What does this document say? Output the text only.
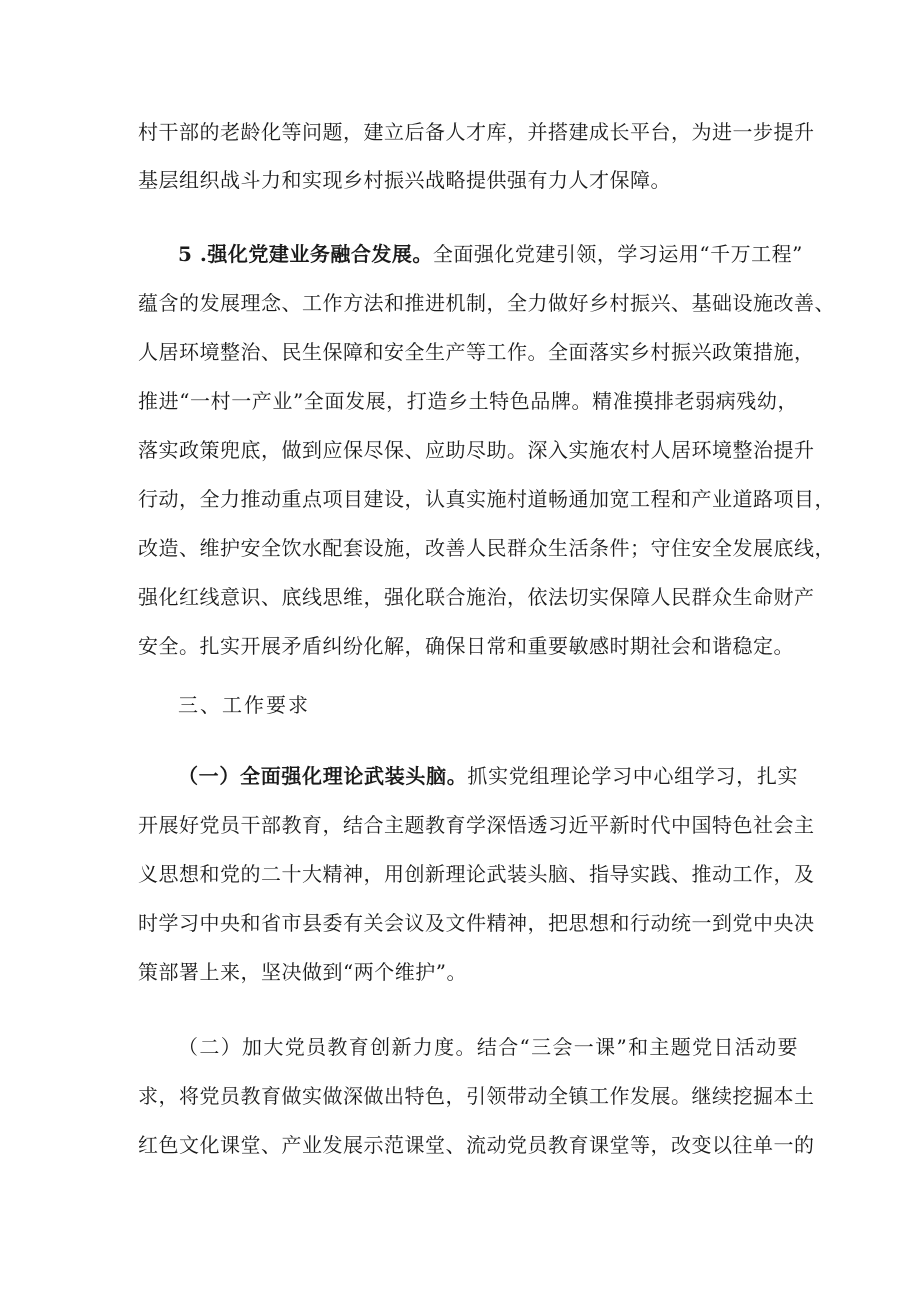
村干部的老龄化等问题，建立后备人才库，并搭建成长平台，为进一步提升
基层组织战斗力和实现乡村振兴战略提供强有力人才保障。
5 .强化党建业务融合发展。全面强化党建引领，学习运用“千万工程”
蕴含的发展理念、工作方法和推进机制，全力做好乡村振兴、基础设施改善、
人居环境整治、民生保障和安全生产等工作。全面落实乡村振兴政策措施，
推进“一村一产业”全面发展，打造乡土特色品牌。精准摸排老弱病残幼，
落实政策兜底，做到应保尽保、应助尽助。深入实施农村人居环境整治提升
行动，全力推动重点项目建设，认真实施村道畅通加宽工程和产业道路项目，
改造、维护安全饮水配套设施，改善人民群众生活条件；守住安全发展底线，
强化红线意识、底线思维，强化联合施治，依法切实保障人民群众生命财产
安全。扎实开展矛盾纠纷化解，确保日常和重要敏感时期社会和谐稳定。
三、工作要求
（一）全面强化理论武装头脑。抓实党组理论学习中心组学习，扎实
开展好党员干部教育，结合主题教育学深悟透习近平新时代中国特色社会主
义思想和党的二十大精神，用创新理论武装头脑、指导实践、推动工作，及
时学习中央和省市县委有关会议及文件精神，把思想和行动统一到党中央决
策部署上来，坚决做到“两个维护”。
（二）加大党员教育创新力度。结合“三会一课”和主题党日活动要
求，将党员教育做实做深做出特色，引领带动全镇工作发展。继续挖掘本土
红色文化课堂、产业发展示范课堂、流动党员教育课堂等，改变以往单一的
